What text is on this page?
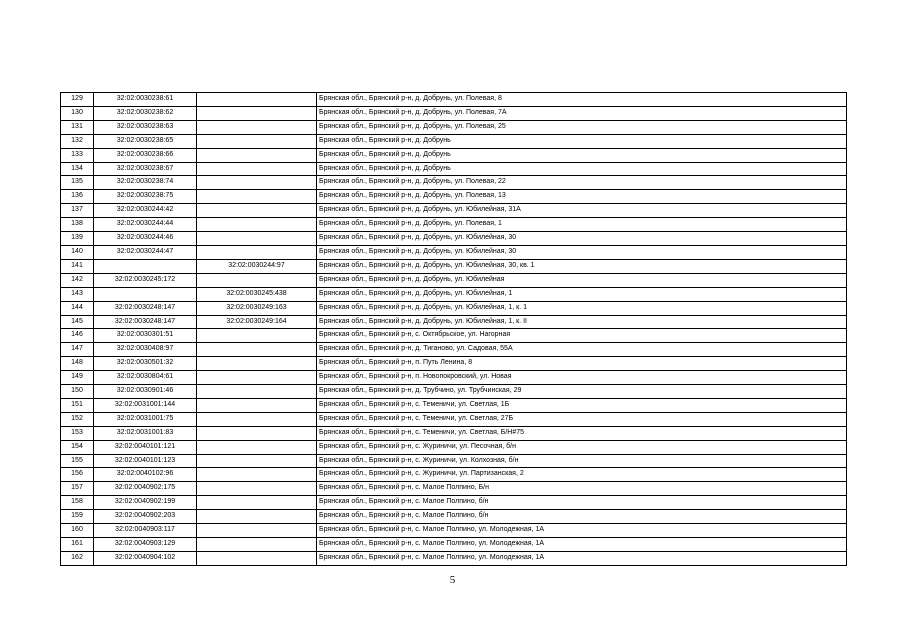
129	32:02:0030238:61		Брянская обл., Брянский р-н, д. Добрунь, ул. Полевая, 8
130	32:02:0030238:62		Брянская обл., Брянский р-н, д. Добрунь, ул. Полевая, 7А
131	32:02:0030238:63		Брянская обл., Брянский р-н, д. Добрунь, ул. Полевая, 25
132	32:02:0030238:65		Брянская обл., Брянский р-н, д. Добрунь
133	32:02:0030238:66		Брянская обл., Брянский р-н, д. Добрунь
134	32:02:0030238:67		Брянская обл., Брянский р-н, д. Добрунь
135	32:02:0030238:74		Брянская обл., Брянский р-н, д. Добрунь, ул. Полевая, 22
136	32:02:0030238:75		Брянская обл., Брянский р-н, д. Добрунь, ул. Полевая, 13
137	32:02:0030244:42		Брянская обл., Брянский р-н, д. Добрунь, ул. Юбилейная, 31А
138	32:02:0030244:44		Брянская обл., Брянский р-н, д. Добрунь, ул. Полевая, 1
139	32:02:0030244:46		Брянская обл., Брянский р-н, д. Добрунь, ул. Юбилейная, 30
140	32:02:0030244:47		Брянская обл., Брянский р-н, д. Добрунь, ул. Юбилейная, 30
141		32:02:0030244:97	Брянская обл., Брянский р-н, д. Добрунь, ул. Юбилейная, 30, кв. 1
142	32:02:0030245:172		Брянская обл., Брянский р-н, д. Добрунь, ул. Юбилейная
143		32:02:0030245:438	Брянская обл., Брянский р-н, д. Добрунь, ул. Юбилейная, 1
144	32:02:0030248:147	32:02:0030249:163	Брянская обл., Брянский р-н, д. Добрунь, ул. Юбилейная, 1, к. 1
145	32:02:0030248:147	32:02:0030249:164	Брянская обл., Брянский р-н, д. Добрунь, ул. Юбилейная, 1, к. II
146	32:02:0030301:51		Брянская обл., Брянский р-н, с. Октябрьское, ул. Нагорная
147	32:02:0030408:97		Брянская обл., Брянский р-н, д. Тиганово, ул. Садовая, 55А
148	32:02:0030501:32		Брянская обл., Брянский р-н, п. Путь Ленина, 8
149	32:02:0030804:61		Брянская обл., Брянский р-н, п. Новопокровский, ул. Новая
150	32:02:0030901:46		Брянская обл., Брянский р-н, д. Трубчино, ул. Трубчинская, 29
151	32:02:0031001:144		Брянская обл., Брянский р-н, с. Теменичи, ул. Светлая, 1Б
152	32:02:0031001:75		Брянская обл., Брянский р-н, с. Теменичи, ул. Светлая, 27Б
153	32:02:0031001:83		Брянская обл., Брянский р-н, с. Теменичи, ул. Светлая, Б/Н#75
154	32:02:0040101:121		Брянская обл., Брянский р-н, с. Журиничи, ул. Песочная, б/н
155	32:02:0040101:123		Брянская обл., Брянский р-н, с. Журиничи, ул. Колхозная, б/н
156	32:02:0040102:96		Брянская обл., Брянский р-н, с. Журиничи, ул. Партизанская, 2
157	32:02:0040902:175		Брянская обл., Брянский р-н, с. Малое Полпино, Б/н
158	32:02:0040902:199		Брянская обл., Брянский р-н, с. Малое Полпино, б/н
159	32:02:0040902:203		Брянская обл., Брянский р-н, с. Малое Полпино, б/н
160	32:02:0040903:117		Брянская обл., Брянский р-н, с. Малое Полпино, ул. Молодежная, 1А
161	32:02:0040903:129		Брянская обл., Брянский р-н, с. Малое Полпино, ул. Молодежная, 1А
162	32:02:0040904:102		Брянская обл., Брянский р-н, с. Малое Полпино, ул. Молодежная, 1А
5
